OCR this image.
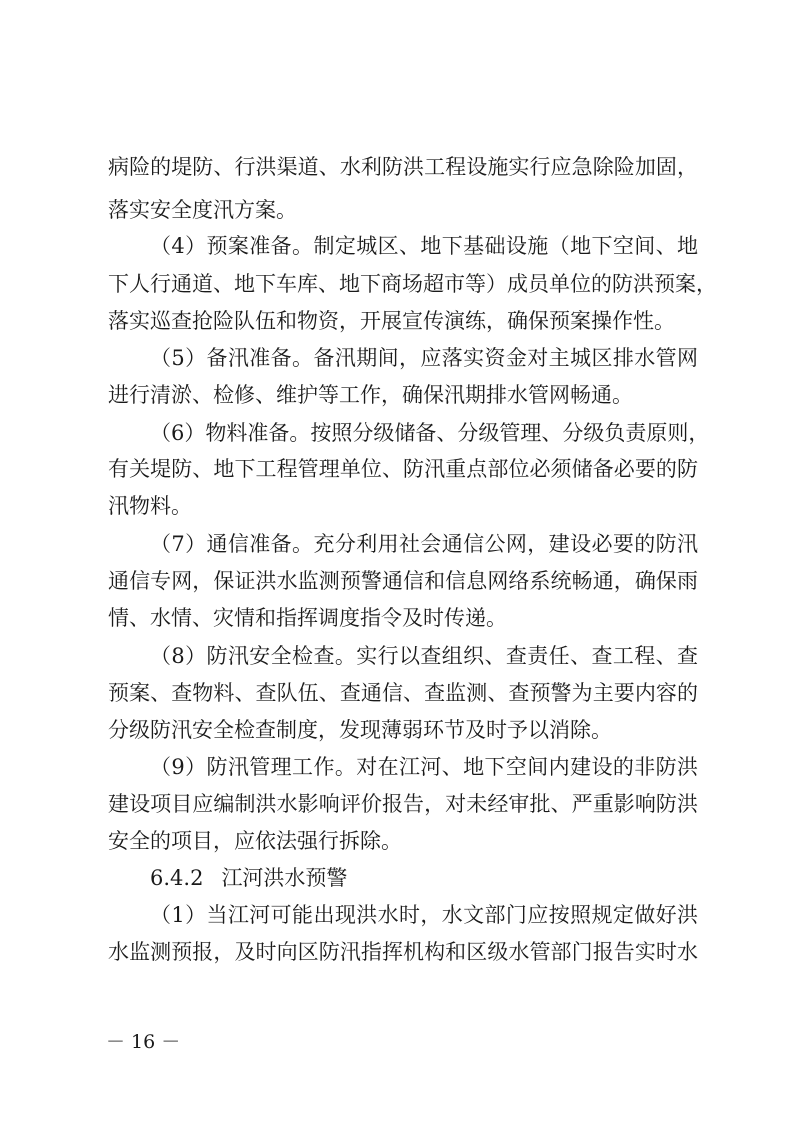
病险的堤防、行洪渠道、水利防洪工程设施实行应急除险加固，
落实安全度汛方案。
（4）预案准备。制定城区、地下基础设施（地下空间、地
下人行通道、地下车库、地下商场超市等）成员单位的防洪预案，
落实巡查抢险队伍和物资，开展宣传演练，确保预案操作性。
（5）备汛准备。备汛期间，应落实资金对主城区排水管网
进行清淤、检修、维护等工作，确保汛期排水管网畅通。
（6）物料准备。按照分级储备、分级管理、分级负责原则，
有关堤防、地下工程管理单位、防汛重点部位必须储备必要的防
汛物料。
（7）通信准备。充分利用社会通信公网，建设必要的防汛
通信专网，保证洪水监测预警通信和信息网络系统畅通，确保雨
情、水情、灾情和指挥调度指令及时传递。
（8）防汛安全检查。实行以查组织、查责任、查工程、查
预案、查物料、查队伍、查通信、查监测、查预警为主要内容的
分级防汛安全检查制度，发现薄弱环节及时予以消除。
（9）防汛管理工作。对在江河、地下空间内建设的非防洪
建设项目应编制洪水影响评价报告，对未经审批、严重影响防洪
安全的项目，应依法强行拆除。
6.4.2 江河洪水预警
（1）当江河可能出现洪水时，水文部门应按照规定做好洪
水监测预报，及时向区防汛指挥机构和区级水管部门报告实时水
－ 16 －
